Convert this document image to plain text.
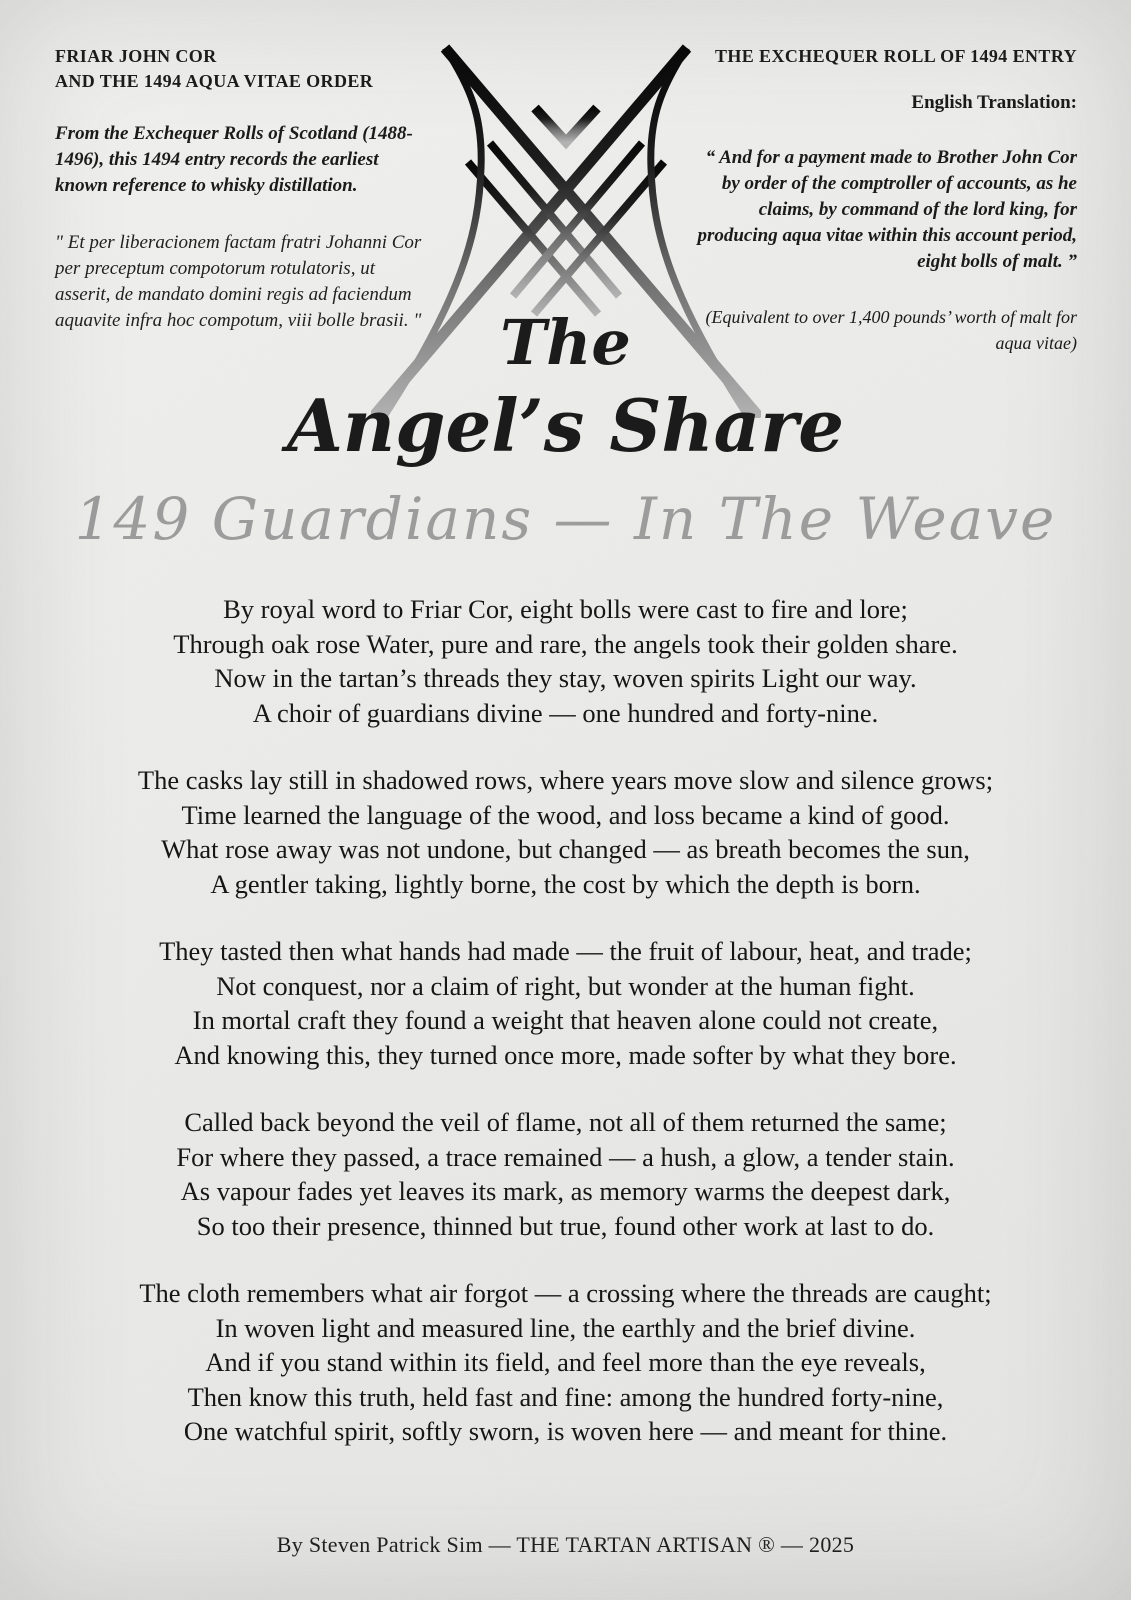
FRIAR JOHN COR
AND THE 1494 AQUA VITAE ORDER

From the Exchequer Rolls of Scotland (1488-1496), this 1494 entry records the earliest known reference to whisky distillation.

" Et per liberacionem factam fratri Johanni Cor per preceptum compotorum rotulatoris, ut asserit, de mandato domini regis ad faciendum aquavite infra hoc compotum, viii bolle brasii. "

THE EXCHEQUER ROLL OF 1494 ENTRY

English Translation:

“ And for a payment made to Brother John Cor by order of the comptroller of accounts, as he claims, by command of the lord king, for producing aqua vitae within this account period, eight bolls of malt. ”

(Equivalent to over 1,400 pounds’ worth of malt for aqua vitae)

The
Angel’s Share
149 Guardians — In The Weave
By royal word to Friar Cor, eight bolls were cast to fire and lore;
Through oak rose Water, pure and rare, the angels took their golden share.
Now in the tartan’s threads they stay, woven spirits Light our way.
A choir of guardians divine — one hundred and forty-nine.
The casks lay still in shadowed rows, where years move slow and silence grows;
Time learned the language of the wood, and loss became a kind of good.
What rose away was not undone, but changed — as breath becomes the sun,
A gentler taking, lightly borne, the cost by which the depth is born.
They tasted then what hands had made — the fruit of labour, heat, and trade;
Not conquest, nor a claim of right, but wonder at the human fight.
In mortal craft they found a weight that heaven alone could not create,
And knowing this, they turned once more, made softer by what they bore.
Called back beyond the veil of flame, not all of them returned the same;
For where they passed, a trace remained — a hush, a glow, a tender stain.
As vapour fades yet leaves its mark, as memory warms the deepest dark,
So too their presence, thinned but true, found other work at last to do.
The cloth remembers what air forgot — a crossing where the threads are caught;
In woven light and measured line, the earthly and the brief divine.
And if you stand within its field, and feel more than the eye reveals,
Then know this truth, held fast and fine: among the hundred forty-nine,
One watchful spirit, softly sworn, is woven here — and meant for thine.
By Steven Patrick Sim — THE TARTAN ARTISAN ® — 2025
